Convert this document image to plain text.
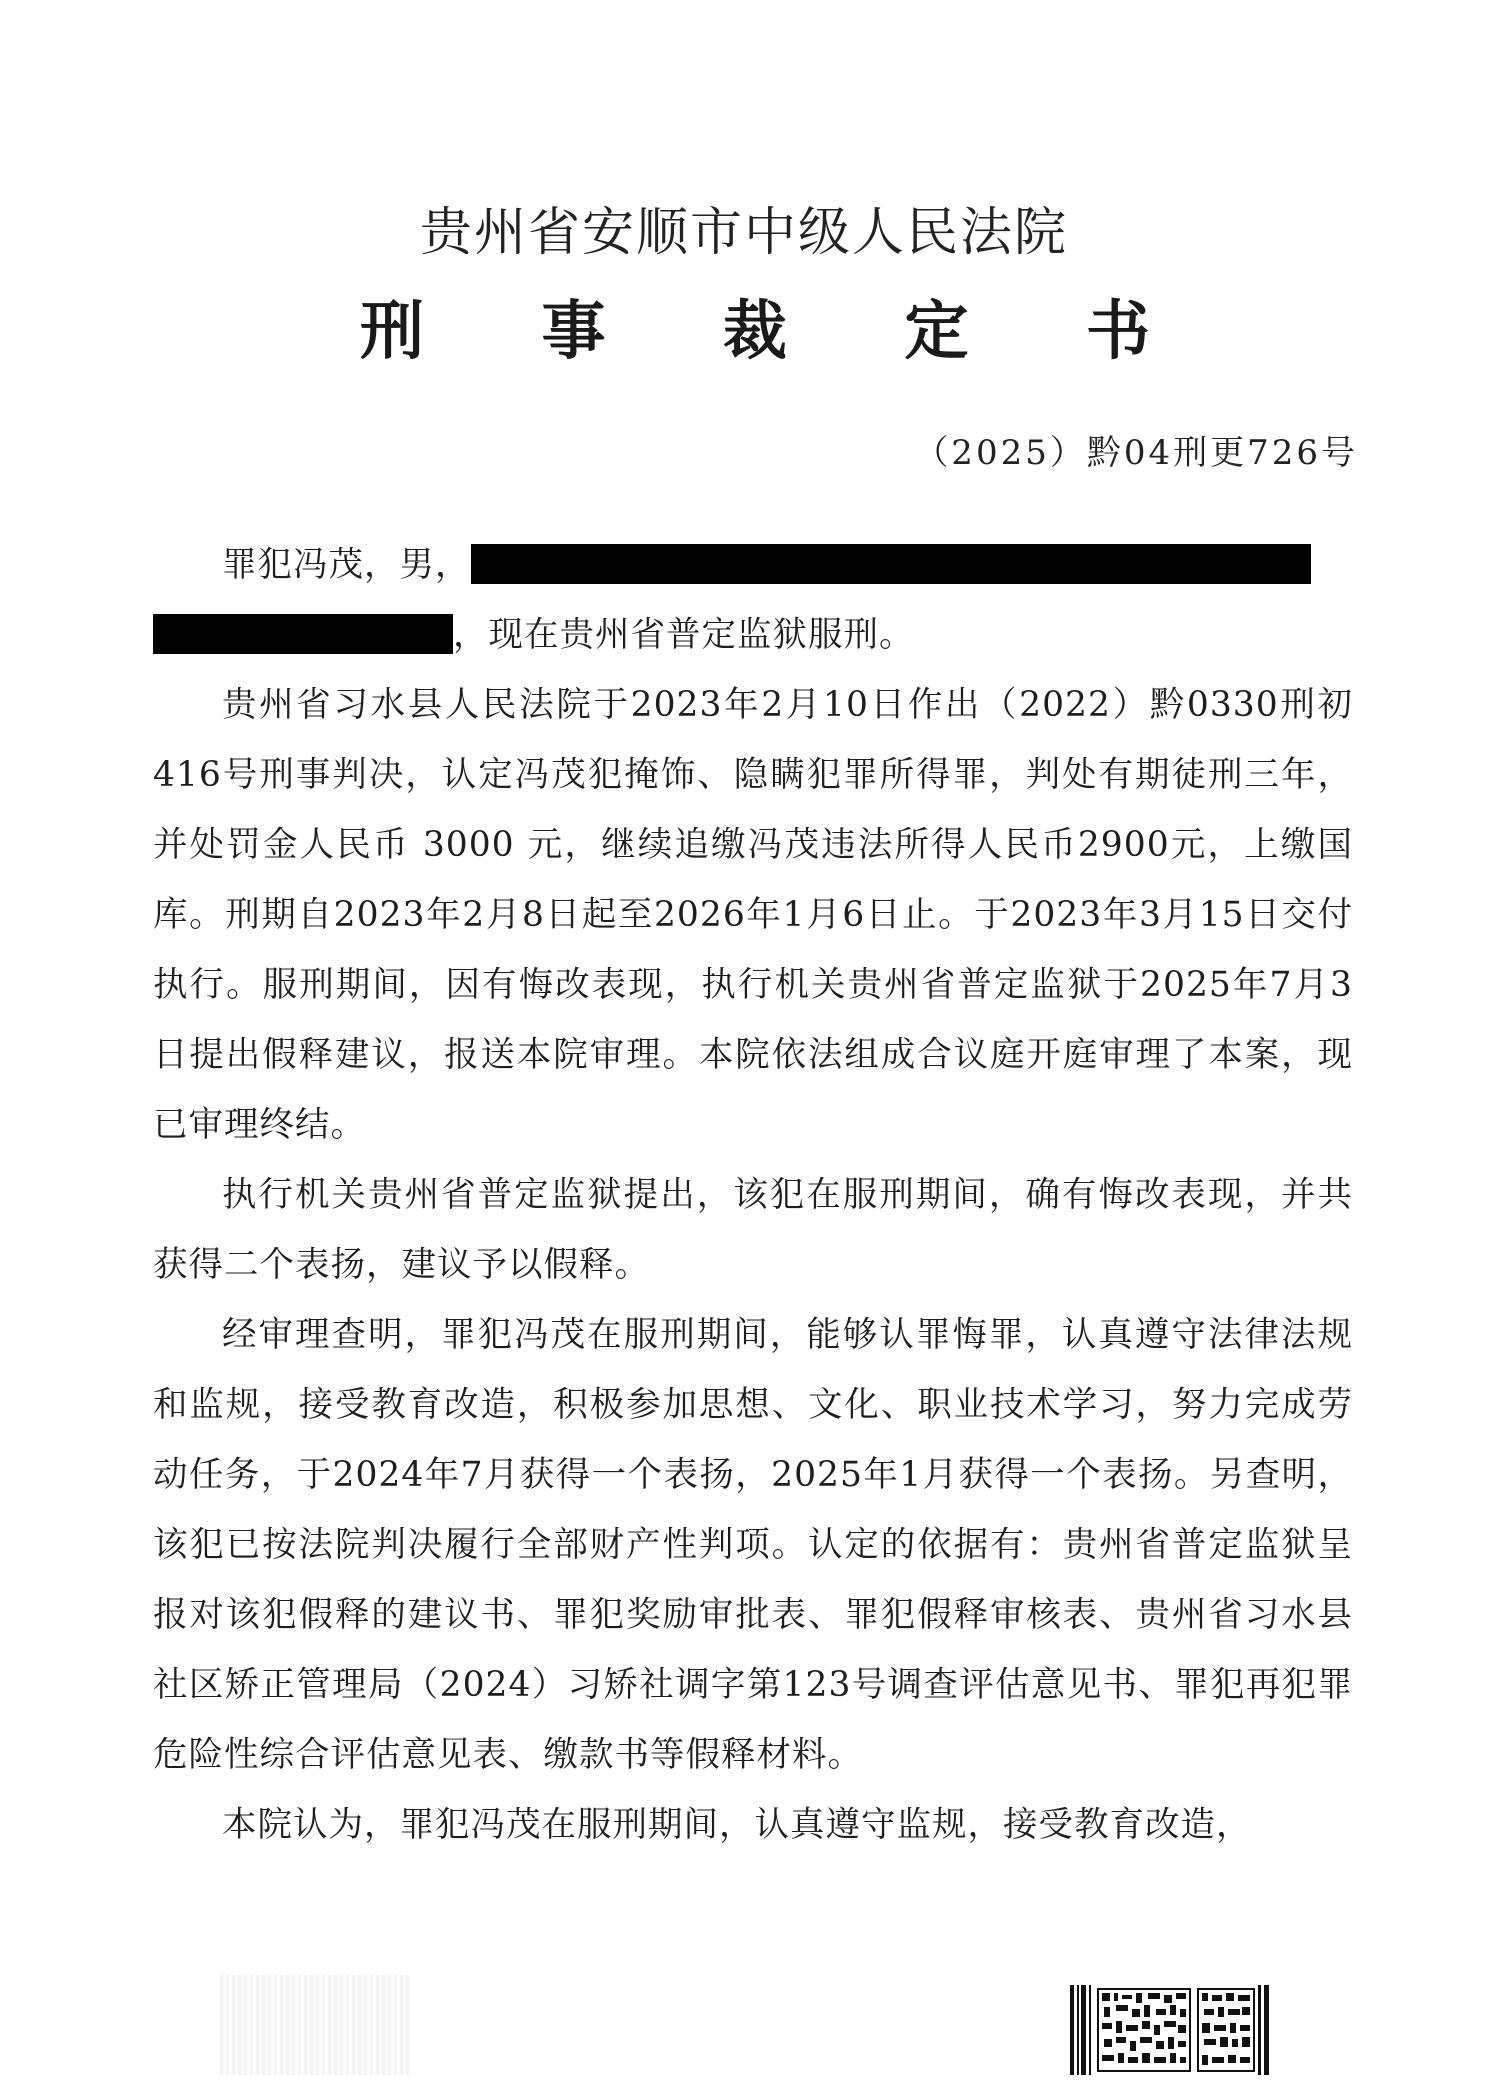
贵州省安顺市中级人民法院
刑 事 裁 定 书
（2025）黔04刑更726号

罪犯冯茂，男，

，现在贵州省普定监狱服刑。

贵州省习水县人民法院于2023年2月10日作出（2022）黔0330刑初416号刑事判决，认定冯茂犯掩饰、隐瞒犯罪所得罪，判处有期徒刑三年，并处罚金人民币 3000 元，继续追缴冯茂违法所得人民币2900元，上缴国库。刑期自2023年2月8日起至2026年1月6日止。于2023年3月15日交付执行。服刑期间，因有悔改表现，执行机关贵州省普定监狱于2025年7月3日提出假释建议，报送本院审理。本院依法组成合议庭开庭审理了本案，现已审理终结。

执行机关贵州省普定监狱提出，该犯在服刑期间，确有悔改表现，并共获得二个表扬，建议予以假释。

经审理查明，罪犯冯茂在服刑期间，能够认罪悔罪，认真遵守法律法规和监规，接受教育改造，积极参加思想、文化、职业技术学习，努力完成劳动任务，于2024年7月获得一个表扬，2025年1月获得一个表扬。另查明，该犯已按法院判决履行全部财产性判项。认定的依据有：贵州省普定监狱呈报对该犯假释的建议书、罪犯奖励审批表、罪犯假释审核表、贵州省习水县社区矫正管理局（2024）习矫社调字第123号调查评估意见书、罪犯再犯罪危险性综合评估意见表、缴款书等假释材料。

本院认为，罪犯冯茂在服刑期间，认真遵守监规，接受教育改造，
